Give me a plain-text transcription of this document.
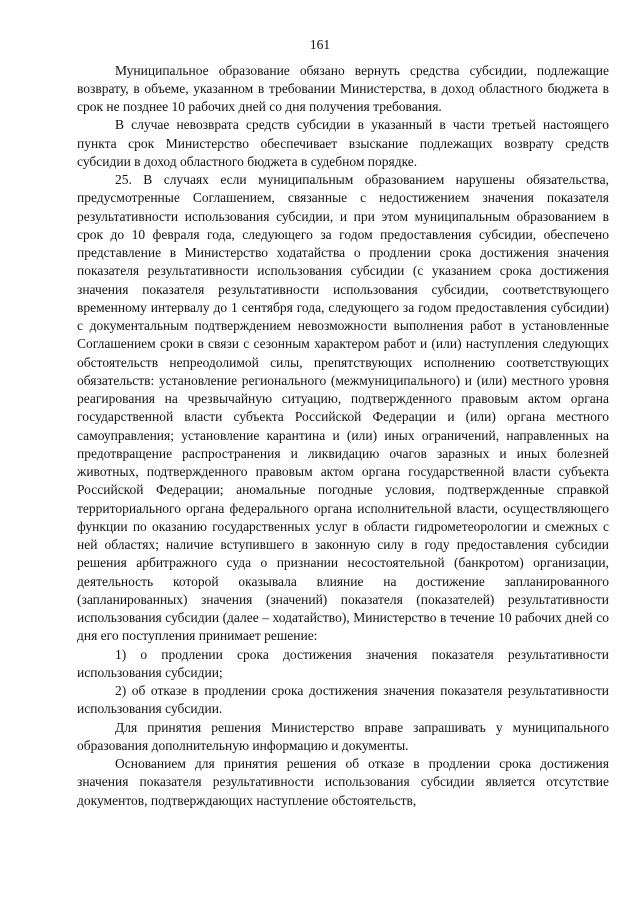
161

Муниципальное образование обязано вернуть средства субсидии, подлежащие возврату, в объеме, указанном в требовании Министерства, в доход областного бюджета в срок не позднее 10 рабочих дней со дня получения требования.

В случае невозврата средств субсидии в указанный в части третьей настоящего пункта срок Министерство обеспечивает взыскание подлежащих возврату средств субсидии в доход областного бюджета в судебном порядке.

25. В случаях если муниципальным образованием нарушены обязательства, предусмотренные Соглашением, связанные с недостижением значения показателя результативности использования субсидии, и при этом муниципальным образованием в срок до 10 февраля года, следующего за годом предоставления субсидии, обеспечено представление в Министерство ходатайства о продлении срока достижения значения показателя результативности использования субсидии (с указанием срока достижения значения показателя результативности использования субсидии, соответствующего временному интервалу до 1 сентября года, следующего за годом предоставления субсидии) с документальным подтверждением невозможности выполнения работ в установленные Соглашением сроки в связи с сезонным характером работ и (или) наступления следующих обстоятельств непреодолимой силы, препятствующих исполнению соответствующих обязательств: установление регионального (межмуниципального) и (или) местного уровня реагирования на чрезвычайную ситуацию, подтвержденного правовым актом органа государственной власти субъекта Российской Федерации и (или) органа местного самоуправления; установление карантина и (или) иных ограничений, направленных на предотвращение распространения и ликвидацию очагов заразных и иных болезней животных, подтвержденного правовым актом органа государственной власти субъекта Российской Федерации; аномальные погодные условия, подтвержденные справкой территориального органа федерального органа исполнительной власти, осуществляющего функции по оказанию государственных услуг в области гидрометеорологии и смежных с ней областях; наличие вступившего в законную силу в году предоставления субсидии решения арбитражного суда о признании несостоятельной (банкротом) организации, деятельность которой оказывала влияние на достижение запланированного (запланированных) значения (значений) показателя (показателей) результативности использования субсидии (далее – ходатайство), Министерство в течение 10 рабочих дней со дня его поступления принимает решение:

1) о продлении срока достижения значения показателя результативности использования субсидии;

2) об отказе в продлении срока достижения значения показателя результативности использования субсидии.

Для принятия решения Министерство вправе запрашивать у муниципального образования дополнительную информацию и документы.

Основанием для принятия решения об отказе в продлении срока достижения значения показателя результативности использования субсидии является отсутствие документов, подтверждающих наступление обстоятельств,
